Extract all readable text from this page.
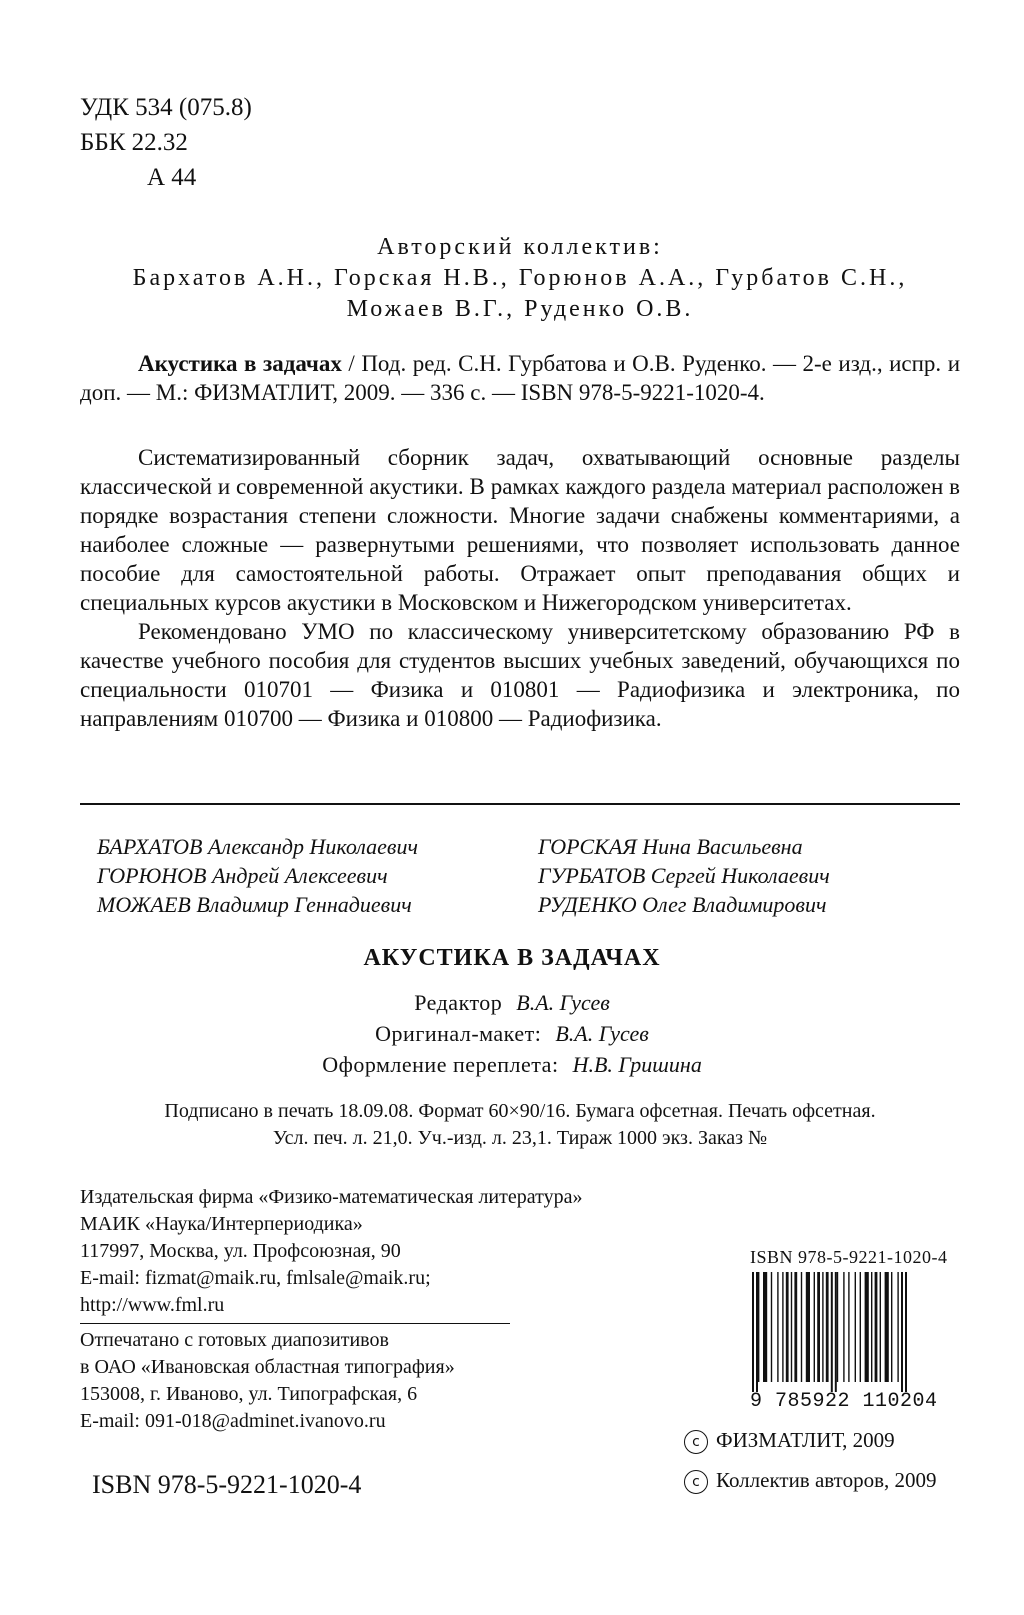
УДК 534 (075.8)
ББК 22.32
А 44
Авторский коллектив:
Бархатов А.Н., Горская Н.В., Горюнов А.А., Гурбатов С.Н.,
Можаев В.Г., Руденко О.В.

Акустика в задачах / Под. ред. С.Н. Гурбатова и О.В. Руденко. — 2-е изд., испр. и доп. — М.: ФИЗМАТЛИТ, 2009. — 336 с. — ISBN 978-5-9221-1020-4.

Систематизированный сборник задач, охватывающий основные разделы классической и современной акустики. В рамках каждого раздела материал расположен в порядке возрастания степени сложности. Многие задачи снабжены комментариями, а наиболее сложные — развернутыми решениями, что позволяет использовать данное пособие для самостоятельной работы. Отражает опыт преподавания общих и специальных курсов акустики в Московском и Нижегородском университетах.

Рекомендовано УМО по классическому университетскому образованию РФ в качестве учебного пособия для студентов высших учебных заведений, обучающихся по специальности 010701 — Физика и 010801 — Радиофизика и электроника, по направлениям 010700 — Физика и 010800 — Радиофизика.

БАРХАТОВ Александр Николаевич	ГОРСКАЯ Нина Васильевна
ГОРЮНОВ Андрей Алексеевич	ГУРБАТОВ Сергей Николаевич
МОЖАЕВ Владимир Геннадиевич	РУДЕНКО Олег Владимирович
АКУСТИКА В ЗАДАЧАХ
Редактор В.А. Гусев
Оригинал-макет: В.А. Гусев
Оформление переплета: Н.В. Гришина
Подписано в печать 18.09.08. Формат 60×90/16. Бумага офсетная. Печать офсетная.
Усл. печ. л. 21,0. Уч.-изд. л. 23,1. Тираж 1000 экз. Заказ №
Издательская фирма «Физико-математическая литература»
МАИК «Наука/Интерпериодика»
117997, Москва, ул. Профсоюзная, 90
E-mail: fizmat@maik.ru, fmlsale@maik.ru;
http://www.fml.ru
Отпечатано с готовых диапозитивов
в ОАО «Ивановская областная типография»
153008, г. Иваново, ул. Типографская, 6
E-mail: 091-018@adminet.ivanovo.ru
ISBN 978-5-9221-1020-4
9 785922 110204
ISBN 978-5-9221-1020-4
c ФИЗМАТЛИТ, 2009
c Коллектив авторов, 2009
